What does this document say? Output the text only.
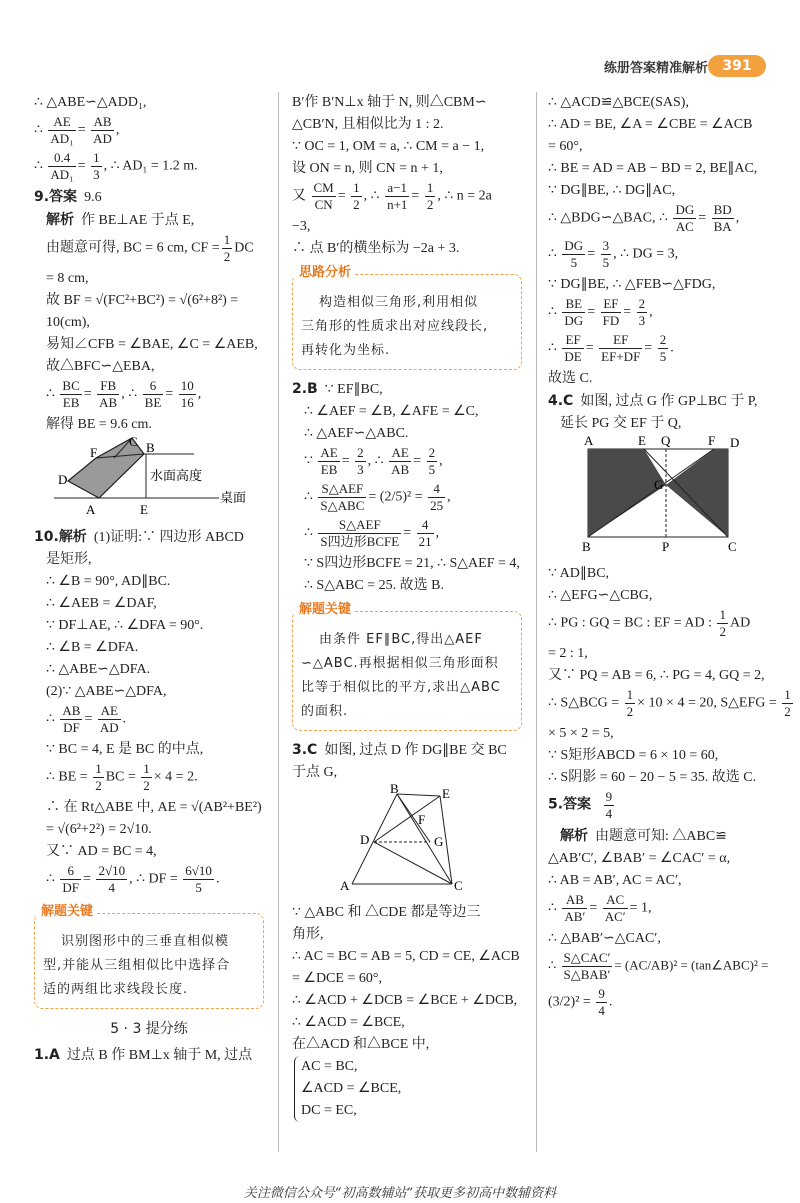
练册答案精准解析	391
∴ △ABE∽△ADD₁,
∴ $\frac{AE}{\text{AD₁}} = \frac{AB}{AD}$ ,
∴ $\frac{0.4}{\text{AD₁}} = \frac{1}{3}$ , ∴ AD₁ = 1.2 m.
9.答案 9.6
解析 作 BE⊥AE 于点 E,
由题意可得, BC = 6 cm, CF = $\frac{1}{2}$ DC
= 8 cm,
故 BF = √(FC²+BC²) = √(6²+8²) =
10(cm),
易知∠CFB = ∠BAE, ∠C = ∠AEB,
故△BFC∽△EBA,
∴ $\frac{BC}{EB} = \frac{FB}{AB}$ , ∴ $\frac{6}{BE} = \frac{10}{16}$ ,
解得 BE = 9.6 cm.
C
F	B
D
A	E
水面高度
桌面
10.解析 (1)证明:∵ 四边形 ABCD
是矩形,
∴ ∠B = 90°, AD∥BC.
∴ ∠AEB = ∠DAF,
∵ DF⊥AE, ∴ ∠DFA = 90°.
∴ ∠B = ∠DFA.
∴ △ABE∽△DFA.
(2)∵ △ABE∽△DFA,
∴ $\frac{AB}{DF} = \frac{AE}{AD}$ .
∵ BC = 4, E 是 BC 的中点,
∴ BE = $\frac{1}{2}$ BC = $\frac{1}{2} \times 4 = 2$.
∴ 在 Rt△ABE 中, AE = √(AB²+BE²)
= √(6²+2²) = 2√10.
又∵ AD = BC = 4,
∴ $\frac{6}{DF} = \frac{2√10}{4}$ , ∴ DF = $\frac{6√10}{5}$ .
解题关键
识别图形中的三垂直相似模
型,并能从三组相似比中选择合
适的两组比求线段长度.
5 · 3 提分练
1.A 过点 B 作 BM⊥x 轴于 M, 过点
B′作 B′N⊥x 轴于 N, 则△CBM∽
△CB′N, 且相似比为 1 : 2.
∵ OC = 1, OM = a, ∴ CM = a − 1,
设 ON = n, 则 CN = n + 1,
又 $\frac{CM}{CN} = \frac{1}{2}$ , ∴ $\frac{a-1}{n+1} = \frac{1}{2}$ , ∴ n = 2a
−3,
∴ 点 B′的横坐标为 −2a + 3.
思路分析
构造相似三角形,利用相似
三角形的性质求出对应线段长,
再转化为坐标.
2.B ∵ EF∥BC,
∴ ∠AEF = ∠B, ∠AFE = ∠C,
∴ △AEF∽△ABC.
∵ $\frac{AE}{EB} = \frac{2}{3}$ , ∴ $\frac{AE}{AB} = \frac{2}{5}$ ,
∴ $\frac{\text{S△AEF}}{\text{S△ABC}} = (2/5)^2 = \frac{4}{25}$ ,
∴ $\frac{\text{S△AEF}}{\text{S四边形BCFE}} = \frac{4}{21}$ ,
∵ S四边形BCFE = 21, ∴ S△AEF = 4,
∴ S△ABC = 25. 故选 B.
解题关键
由条件 EF∥BC,得出△AEF
∽△ABC.再根据相似三角形面积
比等于相似比的平方,求出△ABC
的面积.
3.C 如图, 过点 D 作 DG∥BE 交 BC
于点 G,
B	E
F
D	G
A	C
∵ △ABC 和 △CDE 都是等边三
角形,
∴ AC = BC = AB = 5, CD = CE, ∠ACB
= ∠DCE = 60°,
∴ ∠ACD + ∠DCB = ∠BCE + ∠DCB,
∴ ∠ACD = ∠BCE,
在△ACD 和△BCE 中,
AC = BC,
∠ACD = ∠BCE,
DC = EC,
∴ △ACD≌△BCE(SAS),
∴ AD = BE, ∠A = ∠CBE = ∠ACB
= 60°,
∴ BE = AD = AB − BD = 2, BE∥AC,
∵ DG∥BE, ∴ DG∥AC,
∴ △BDG∽△BAC, ∴ $\frac{DG}{AC} = \frac{BD}{BA}$ ,
∴ $\frac{DG}{5} = \frac{3}{5}$ , ∴ DG = 3,
∵ DG∥BE, ∴ △FEB∽△FDG,
∴ $\frac{BE}{DG} = \frac{EF}{FD} = \frac{2}{3}$ ,
∴ $\frac{EF}{DE} = \frac{EF}{EF+DF} = \frac{2}{5}$ .
故选 C.
4.C 如图, 过点 G 作 GP⊥BC 于 P,
延长 PG 交 EF 于 Q,
A	E Q	F D
G
B	P	C
∵ AD∥BC,
∴ △EFG∽△CBG,
∴ PG : GQ = BC : EF = AD : $\frac{1}{2}$ AD
= 2 : 1,
又∵ PQ = AB = 6, ∴ PG = 4, GQ = 2,
∴ S△BCG = $\frac{1}{2} \times 10 \times 4 = 20$, S△EFG = $\frac{1}{2}$
× 5 × 2 = 5,
∵ S矩形ABCD = 6 × 10 = 60,
∴ S阴影 = 60 − 20 − 5 = 35. 故选 C.
5.答案 $\frac{9}{4}$
解析 由题意可知: △ABC≌
△AB′C′, ∠BAB′ = ∠CAC′ = α,
∴ AB = AB′, AC = AC′,
∴ $\frac{AB}{AB'} = \frac{AC}{AC'} = 1$,
∴ △BAB′∽△CAC′,
∴ $\frac{\text{S△CAC′}}{\text{S△BAB′}} = (AC/AB)^2$ = (tan∠ABC)² =
$(3/2)^2 = \frac{9}{4}$ .
关注微信公众号“初高数辅站”获取更多初高中数辅资料
